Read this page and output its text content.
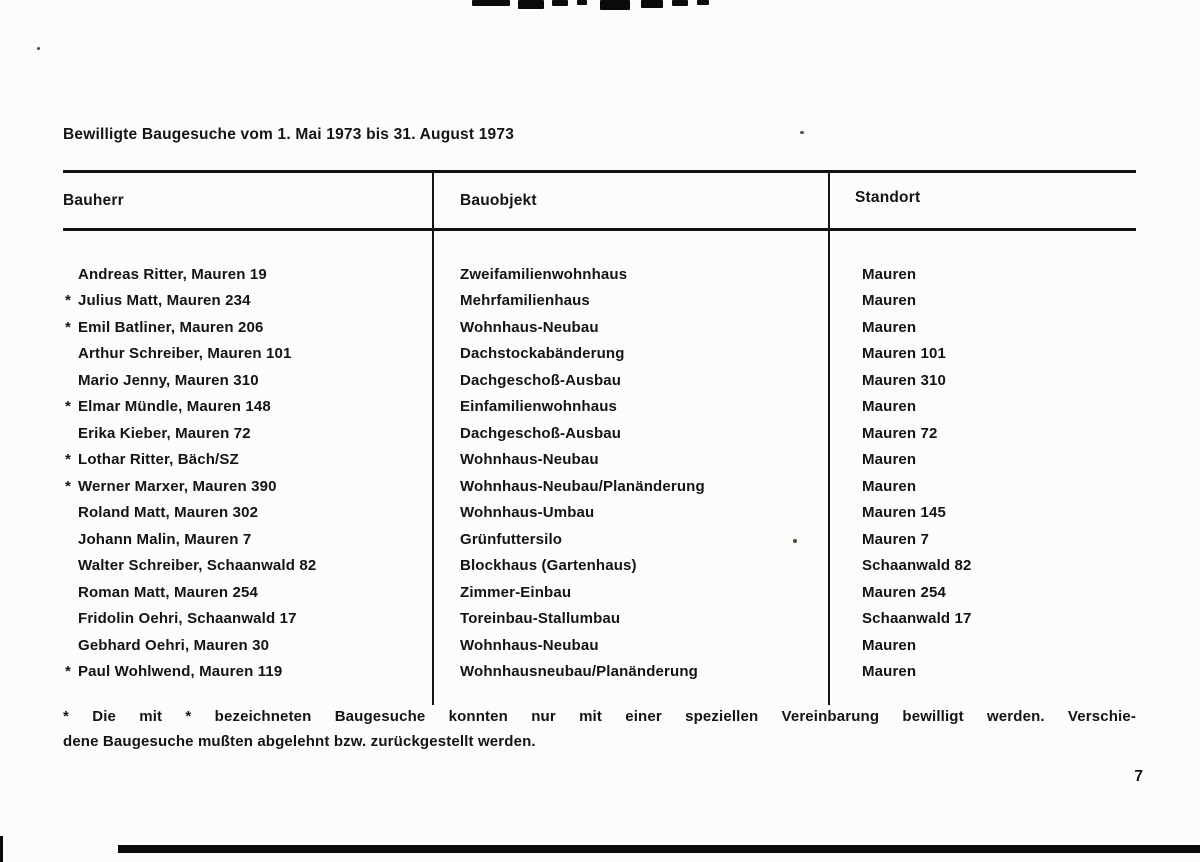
Bewilligte Baugesuche vom 1. Mai 1973 bis 31. August 1973
Bauherr	Bauobjekt	Standort
Andreas Ritter, Mauren 19	Zweifamilienwohnhaus	Mauren
* Julius Matt, Mauren 234	Mehrfamilienhaus	Mauren
* Emil Batliner, Mauren 206	Wohnhaus-Neubau	Mauren
Arthur Schreiber, Mauren 101	Dachstockabänderung	Mauren 101
Mario Jenny, Mauren 310	Dachgeschoß-Ausbau	Mauren 310
* Elmar Mündle, Mauren 148	Einfamilienwohnhaus	Mauren
Erika Kieber, Mauren 72	Dachgeschoß-Ausbau	Mauren 72
* Lothar Ritter, Bäch/SZ	Wohnhaus-Neubau	Mauren
* Werner Marxer, Mauren 390	Wohnhaus-Neubau/Planänderung	Mauren
Roland Matt, Mauren 302	Wohnhaus-Umbau	Mauren 145
Johann Malin, Mauren 7	Grünfuttersilo	Mauren 7
Walter Schreiber, Schaanwald 82	Blockhaus (Gartenhaus)	Schaanwald 82
Roman Matt, Mauren 254	Zimmer-Einbau	Mauren 254
Fridolin Oehri, Schaanwald 17	Toreinbau-Stallumbau	Schaanwald 17
Gebhard Oehri, Mauren 30	Wohnhaus-Neubau	Mauren
* Paul Wohlwend, Mauren 119	Wohnhausneubau/Planänderung	Mauren
* Die mit * bezeichneten Baugesuche konnten nur mit einer speziellen Vereinbarung bewilligt werden. Verschie-
dene Baugesuche mußten abgelehnt bzw. zurückgestellt werden.
7
